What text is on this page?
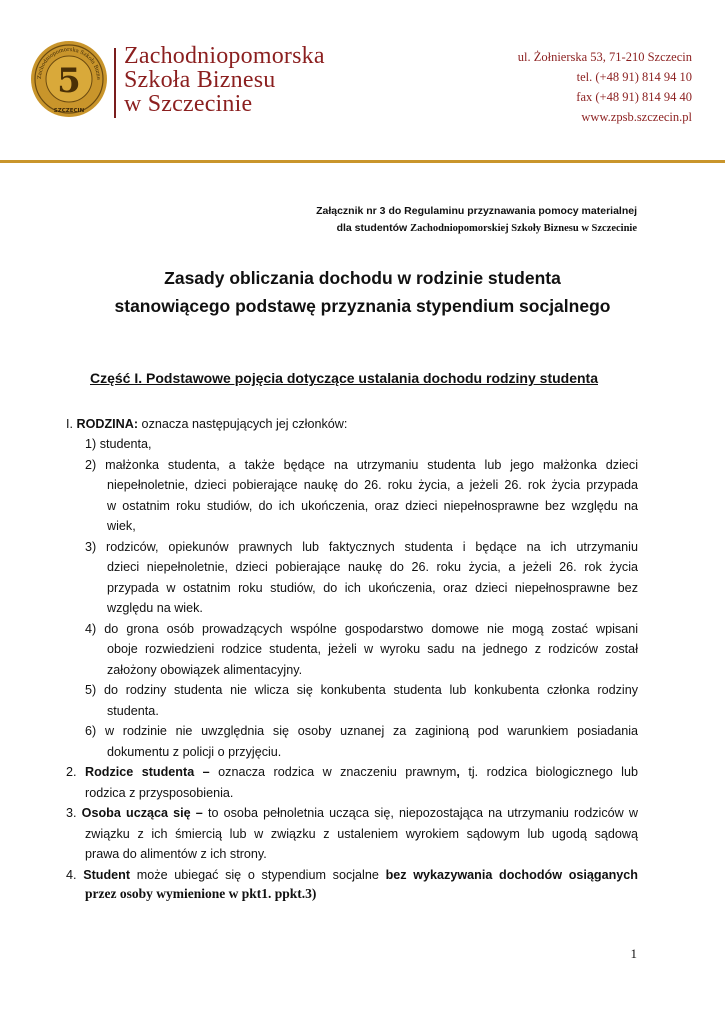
Zachodniopomorska Szkoła Bizne
SZCZECIN
5
Zachodniopomorska
Szkoła Biznesu
w Szczecinie
ul. Żołnierska 53, 71-210 Szczecin
tel. (+48 91) 814 94 10
fax (+48 91) 814 94 40
www.zpsb.szczecin.pl
Załącznik nr 3 do Regulaminu przyznawania pomocy materialnej
dla studentów Zachodniopomorskiej Szkoły Biznesu w Szczecinie
Zasady obliczania dochodu w rodzinie studenta
stanowiącego podstawę przyznania stypendium socjalnego
Część I. Podstawowe pojęcia dotyczące ustalania dochodu rodziny studenta
I. RODZINA: oznacza następujących jej członków:
1) studenta,
2) małżonka studenta, a także będące na utrzymaniu studenta lub jego małżonka dzieci
niepełnoletnie, dzieci pobierające naukę do 26. roku życia, a jeżeli 26. rok życia przypada
w ostatnim roku studiów, do ich ukończenia, oraz dzieci niepełnosprawne bez względu na
wiek,
3) rodziców, opiekunów prawnych lub faktycznych studenta i będące na ich utrzymaniu
dzieci niepełnoletnie, dzieci pobierające naukę do 26. roku życia, a jeżeli 26. rok życia
przypada w ostatnim roku studiów, do ich ukończenia, oraz dzieci niepełnosprawne bez
względu na wiek.
4) do grona osób prowadzących wspólne gospodarstwo domowe nie mogą zostać wpisani
oboje rozwiedzieni rodzice studenta, jeżeli w wyroku sadu na jednego z rodziców został
założony obowiązek alimentacyjny.
5) do rodziny studenta nie wlicza się konkubenta studenta lub konkubenta członka rodziny
studenta.
6) w rodzinie nie uwzględnia się osoby uznanej za zaginioną pod warunkiem posiadania
dokumentu z policji o przyjęciu.
2. Rodzice studenta – oznacza rodzica w znaczeniu prawnym, tj. rodzica biologicznego lub
rodzica z przysposobienia.
3. Osoba ucząca się – to osoba pełnoletnia ucząca się, niepozostająca na utrzymaniu rodziców w
związku z ich śmiercią lub w związku z ustaleniem wyrokiem sądowym lub ugodą sądową
prawa do alimentów z ich strony.
4. Student może ubiegać się o stypendium socjalne bez wykazywania dochodów osiąganych
przez osoby wymienione w pkt1. ppkt.3)
1
